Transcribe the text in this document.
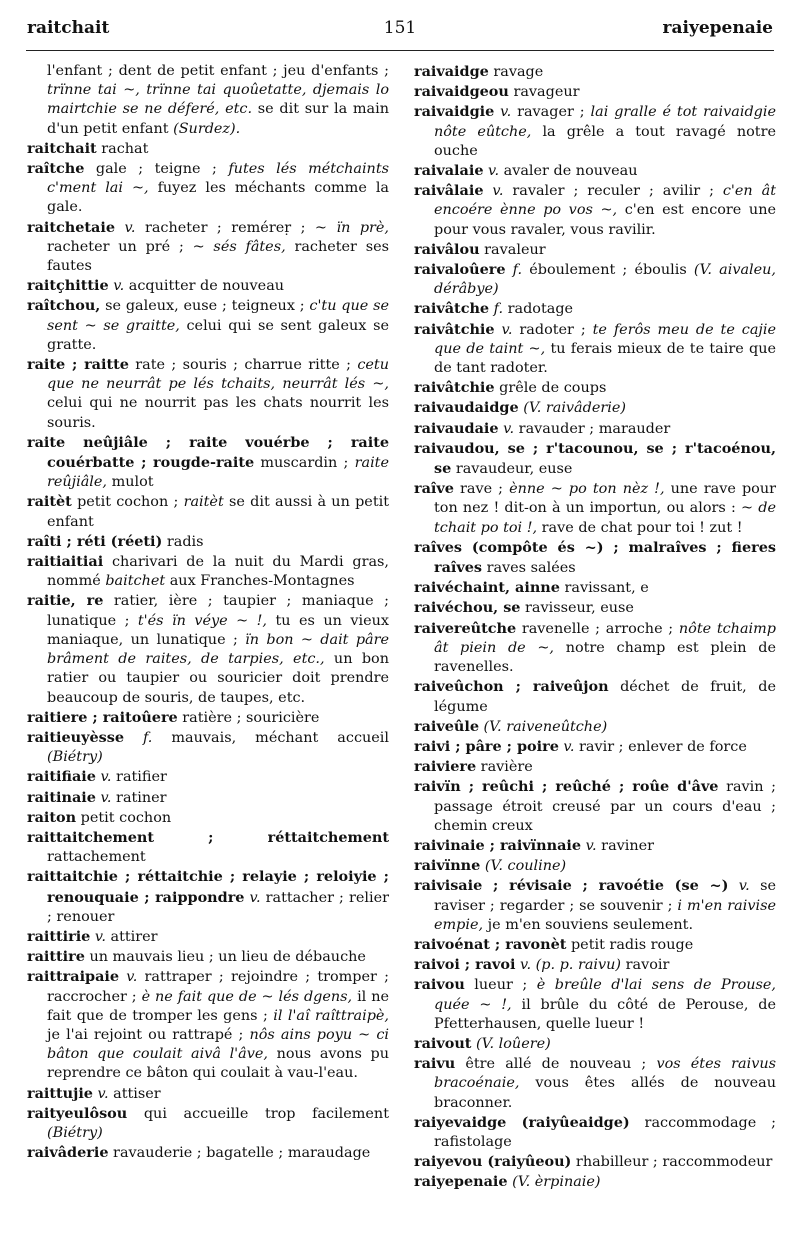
raitchait	151	raiyepenaie

l'enfant ; dent de petit enfant ; jeu d'enfants ; trïnne tai ~, trïnne tai quoûetatte, djemais lo mairtchie se ne déferé, etc. se dit sur la main d'un petit enfant (Surdez).

raitchait rachat

raîtche gale ; teigne ; futes lés métchaints c'ment lai ~, fuyez les méchants comme la gale.

raitchetaie v. racheter ; reméreṛ ; ~ ïn prè, racheter un pré ; ~ sés fâtes, racheter ses fautes

raitçhittie v. acquitter de nouveau

raîtchou, se galeux, euse ; teigneux ; c'tu que se sent ~ se graitte, celui qui se sent galeux se gratte.

raite ; raitte rate ; souris ; charrue ritte ; cetu que ne neurrât pe lés tchaits, neurrât lés ~, celui qui ne nourrit pas les chats nourrit les souris.

raite neûjiâle ; raite vouérbe ; raite couérbatte ; rougde-raite muscardin ; raite reûjiâle, mulot

raitèt petit cochon ; raitèt se dit aussi à un petit enfant

raîti ; réti (réeti) radis

raitiaitiai charivari de la nuit du Mardi gras, nommé baitchet aux Franches-Montagnes

raitie, re ratier, ière ; taupier ; maniaque ; lunatique ; t'és ïn véye ~ !, tu es un vieux maniaque, un lunatique ; ïn bon ~ dait pâre brâment de raites, de tarpies, etc., un bon ratier ou taupier ou souricier doit prendre beaucoup de souris, de taupes, etc.

raitiere ; raitoûere ratière ; souricière

raitieuyèsse f. mauvais, méchant accueil (Biétry)

raitifiaie v. ratifier

raitinaie v. ratiner

raiton petit cochon

raittaitchement ; réttaitchement rattachement

raittaitchie ; réttaitchie ; relayie ; reloiyie ; renouquaie ; raippondre v. rattacher ; relier ; renouer

raittirie v. attirer

raittire un mauvais lieu ; un lieu de débauche

raittraipaie v. rattraper ; rejoindre ; tromper ; raccrocher ; è ne fait que de ~ lés dgens, il ne fait que de tromper les gens ; il l'aî raîttraipè, je l'ai rejoint ou rattrapé ; nôs ains poyu ~ ci bâton que coulait aivâ l'âve, nous avons pu reprendre ce bâton qui coulait à vau-l'eau.

raittujie v. attiser

raityeulôsou qui accueille trop facilement (Biétry)

raivâderie ravauderie ; bagatelle ; maraudage

raivaidge ravage

raivaidgeou ravageur

raivaidgie v. ravager ; lai gralle é tot raivaidgie nôte eûtche, la grêle a tout ravagé notre ouche

raivalaie v. avaler de nouveau

raivâlaie v. ravaler ; reculer ; avilir ; c'en ât encoére ènne po vos ~, c'en est encore une pour vous ravaler, vous ravilir.

raivâlou ravaleur

raivaloûere f. éboulement ; éboulis (V. aivaleu, dérâbye)

raivâtche f. radotage

raivâtchie v. radoter ; te ferôs meu de te cajie que de taint ~, tu ferais mieux de te taire que de tant radoter.

raivâtchie grêle de coups

raivaudaidge (V. raivâderie)

raivaudaie v. ravauder ; marauder

raivaudou, se ; r'tacounou, se ; r'tacoénou, se ravaudeur, euse

raîve rave ; ènne ~ po ton nèz !, une rave pour ton nez ! dit-on à un importun, ou alors : ~ de tchait po toi !, rave de chat pour toi ! zut !

raîves (compôte és ~) ; malraîves ; fieres raîves raves salées

raivéchaint, ainne ravissant, e

raivéchou, se ravisseur, euse

raivereûtche ravenelle ; arroche ; nôte tchaimp ât piein de ~, notre champ est plein de ravenelles.

raiveûchon ; raiveûjon déchet de fruit, de légume

raiveûle (V. raiveneûtche)

raivi ; pâre ; poire v. ravir ; enlever de force

raiviere ravière

raivïn ; reûchi ; reûché ; roûe d'âve ravin ; passage étroit creusé par un cours d'eau ; chemin creux

raivinaie ; raivïnnaie v. raviner

raivïnne (V. couline)

raivisaie ; révisaie ; ravoétie (se ~) v. se raviser ; regarder ; se souvenir ; i m'en raivise empie, je m'en souviens seulement.

raivoénat ; ravonèt petit radis rouge

raivoi ; ravoi v. (p. p. raivu) ravoir

raivou lueur ; è breûle d'lai sens de Prouse, quée ~ !, il brûle du côté de Perouse, de Pfetterhausen, quelle lueur !

raivout (V. loûere)

raivu être allé de nouveau ; vos étes raivus bracoénaie, vous êtes allés de nouveau braconner.

raiyevaidge (raiyûeaidge) raccommodage ; rafistolage

raiyevou (raiyûeou) rhabilleur ; raccommodeur

raiyepenaie (V. èrpinaie)
